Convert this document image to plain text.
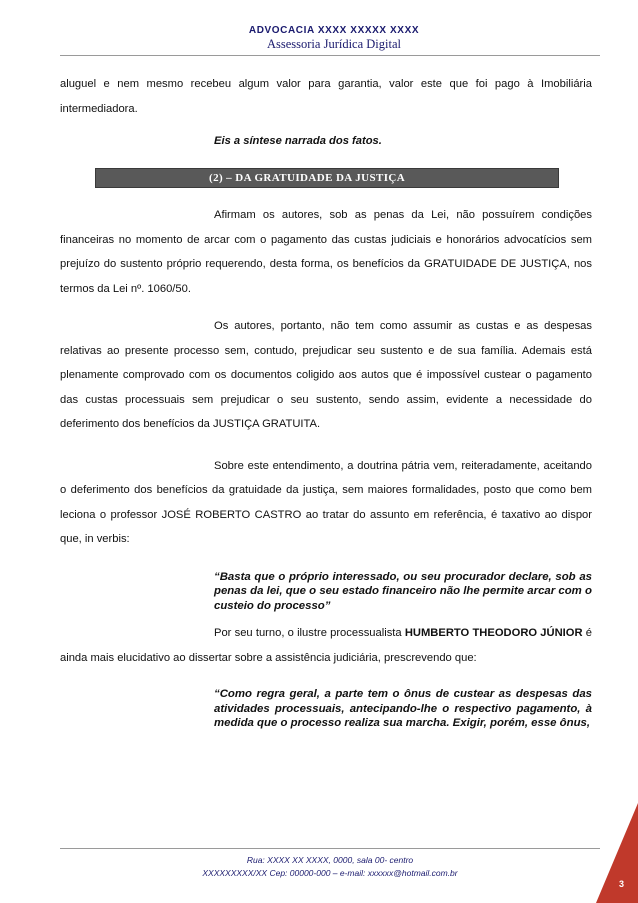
ADVOCACIA XXXX XXXXX XXXX
Assessoria Jurídica Digital

aluguel e nem mesmo recebeu algum valor para garantia, valor este que foi pago à Imobiliária intermediadora.

Eis a síntese narrada dos fatos.

(2) – DA GRATUIDADE DA JUSTIÇA

Afirmam os autores, sob as penas da Lei, não possuírem condições financeiras no momento de arcar com o pagamento das custas judiciais e honorários advocatícios sem prejuízo do sustento próprio requerendo, desta forma, os benefícios da GRATUIDADE DE JUSTIÇA, nos termos da Lei nº. 1060/50.

Os autores, portanto, não tem como assumir as custas e as despesas relativas ao presente processo sem, contudo, prejudicar seu sustento e de sua família. Ademais está plenamente comprovado com os documentos coligido aos autos que é impossível custear o pagamento das custas processuais sem prejudicar o seu sustento, sendo assim, evidente a necessidade do deferimento dos benefícios da JUSTIÇA GRATUITA.

Sobre este entendimento, a doutrina pátria vem, reiteradamente, aceitando o deferimento dos benefícios da gratuidade da justiça, sem maiores formalidades, posto que como bem leciona o professor JOSÉ ROBERTO CASTRO ao tratar do assunto em referência, é taxativo ao dispor que, in verbis:

“Basta que o próprio interessado, ou seu procurador declare, sob as penas da lei, que o seu estado financeiro não lhe permite arcar com o custeio do processo”

Por seu turno, o ilustre processualista HUMBERTO THEODORO JÚNIOR é ainda mais elucidativo ao dissertar sobre a assistência judiciária, prescrevendo que:

“Como regra geral, a parte tem o ônus de custear as despesas das atividades processuais, antecipando-lhe o respectivo pagamento, à medida que o processo realiza sua marcha. Exigir, porém, esse ônus,

Rua: XXXX XX XXXX, 0000, sala 00- centro
XXXXXXXXX/XX Cep: 00000-000 – e-mail: xxxxxx@hotmail.com.br
3
